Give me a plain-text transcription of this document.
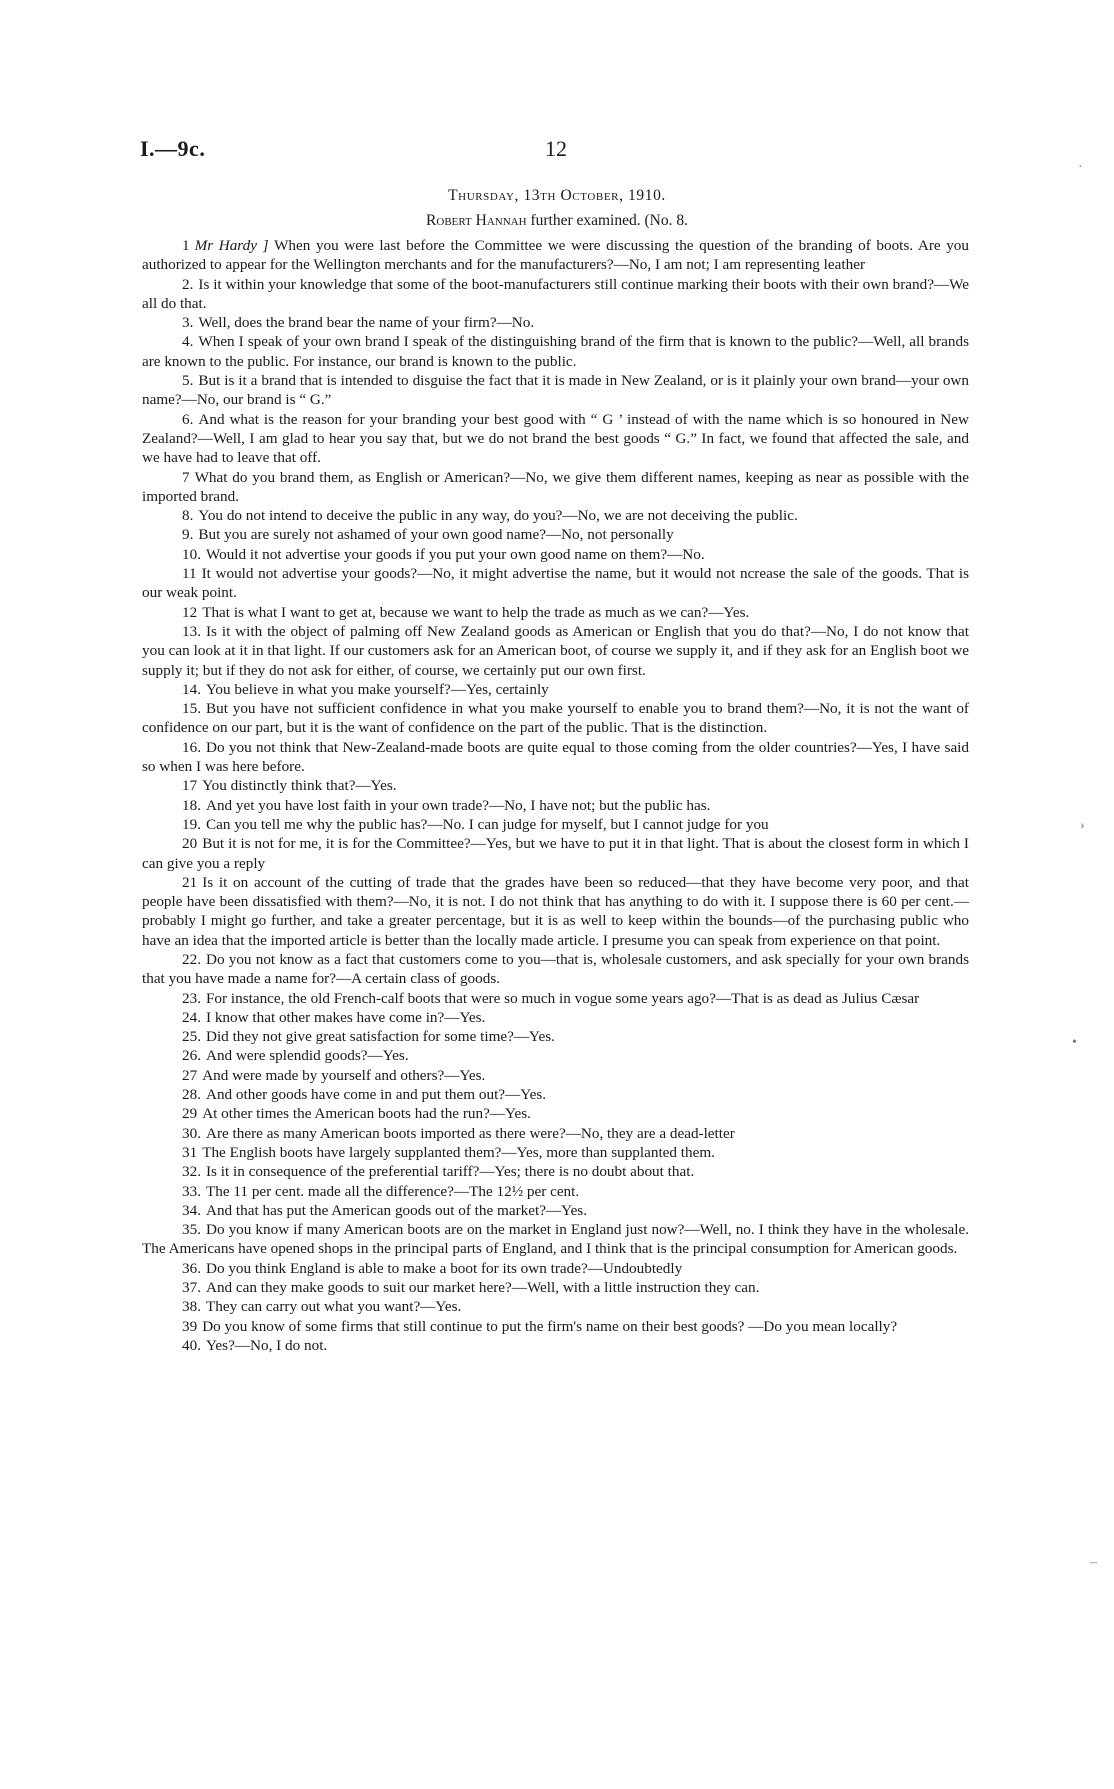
I.—9c.	12
Thursday, 13th October, 1910.
Robert Hannah further examined. (No. 8.

1 Mr Hardy ] When you were last before the Committee we were discussing the question of the branding of boots. Are you authorized to appear for the Wellington merchants and for the manufacturers?—No, I am not; I am representing leather

2. Is it within your knowledge that some of the boot-manufacturers still continue marking their boots with their own brand?—We all do that.

3. Well, does the brand bear the name of your firm?—No.

4. When I speak of your own brand I speak of the distinguishing brand of the firm that is known to the public?—Well, all brands are known to the public. For instance, our brand is known to the public.

5. But is it a brand that is intended to disguise the fact that it is made in New Zealand, or is it plainly your own brand—your own name?—No, our brand is “ G.”

6. And what is the reason for your branding your best good with “ G ’ instead of with the name which is so honoured in New Zealand?—Well, I am glad to hear you say that, but we do not brand the best goods “ G.” In fact, we found that affected the sale, and we have had to leave that off.

7 What do you brand them, as English or American?—No, we give them different names, keeping as near as possible with the imported brand.

8. You do not intend to deceive the public in any way, do you?—No, we are not deceiving the public.

9. But you are surely not ashamed of your own good name?—No, not personally

10. Would it not advertise your goods if you put your own good name on them?—No.

11 It would not advertise your goods?—No, it might advertise the name, but it would not ncrease the sale of the goods. That is our weak point.

12 That is what I want to get at, because we want to help the trade as much as we can?—Yes.

13. Is it with the object of palming off New Zealand goods as American or English that you do that?—No, I do not know that you can look at it in that light. If our customers ask for an American boot, of course we supply it, and if they ask for an English boot we supply it; but if they do not ask for either, of course, we certainly put our own first.

14. You believe in what you make yourself?—Yes, certainly

15. But you have not sufficient confidence in what you make yourself to enable you to brand them?—No, it is not the want of confidence on our part, but it is the want of confidence on the part of the public. That is the distinction.

16. Do you not think that New-Zealand-made boots are quite equal to those coming from the older countries?—Yes, I have said so when I was here before.

17 You distinctly think that?—Yes.

18. And yet you have lost faith in your own trade?—No, I have not; but the public has.

19. Can you tell me why the public has?—No. I can judge for myself, but I cannot judge for you

20 But it is not for me, it is for the Committee?—Yes, but we have to put it in that light. That is about the closest form in which I can give you a reply

21 Is it on account of the cutting of trade that the grades have been so reduced—that they have become very poor, and that people have been dissatisfied with them?—No, it is not. I do not think that has anything to do with it. I suppose there is 60 per cent.—probably I might go further, and take a greater percentage, but it is as well to keep within the bounds—of the purchasing public who have an idea that the imported article is better than the locally made article. I presume you can speak from experience on that point.

22. Do you not know as a fact that customers come to you—that is, wholesale customers, and ask specially for your own brands that you have made a name for?—A certain class of goods.

23. For instance, the old French-calf boots that were so much in vogue some years ago?—That is as dead as Julius Cæsar

24. I know that other makes have come in?—Yes.

25. Did they not give great satisfaction for some time?—Yes.

26. And were splendid goods?—Yes.

27 And were made by yourself and others?—Yes.

28. And other goods have come in and put them out?—Yes.

29 At other times the American boots had the run?—Yes.

30. Are there as many American boots imported as there were?—No, they are a dead-letter

31 The English boots have largely supplanted them?—Yes, more than supplanted them.

32. Is it in consequence of the preferential tariff?—Yes; there is no doubt about that.

33. The 11 per cent. made all the difference?—The 12½ per cent.

34. And that has put the American goods out of the market?—Yes.

35. Do you know if many American boots are on the market in England just now?—Well, no. I think they have in the wholesale. The Americans have opened shops in the principal parts of England, and I think that is the principal consumption for American goods.

36. Do you think England is able to make a boot for its own trade?—Undoubtedly

37. And can they make goods to suit our market here?—Well, with a little instruction they can.

38. They can carry out what you want?—Yes.

39 Do you know of some firms that still continue to put the firm's name on their best goods? —Do you mean locally?

40. Yes?—No, I do not.

·
›
•
–
